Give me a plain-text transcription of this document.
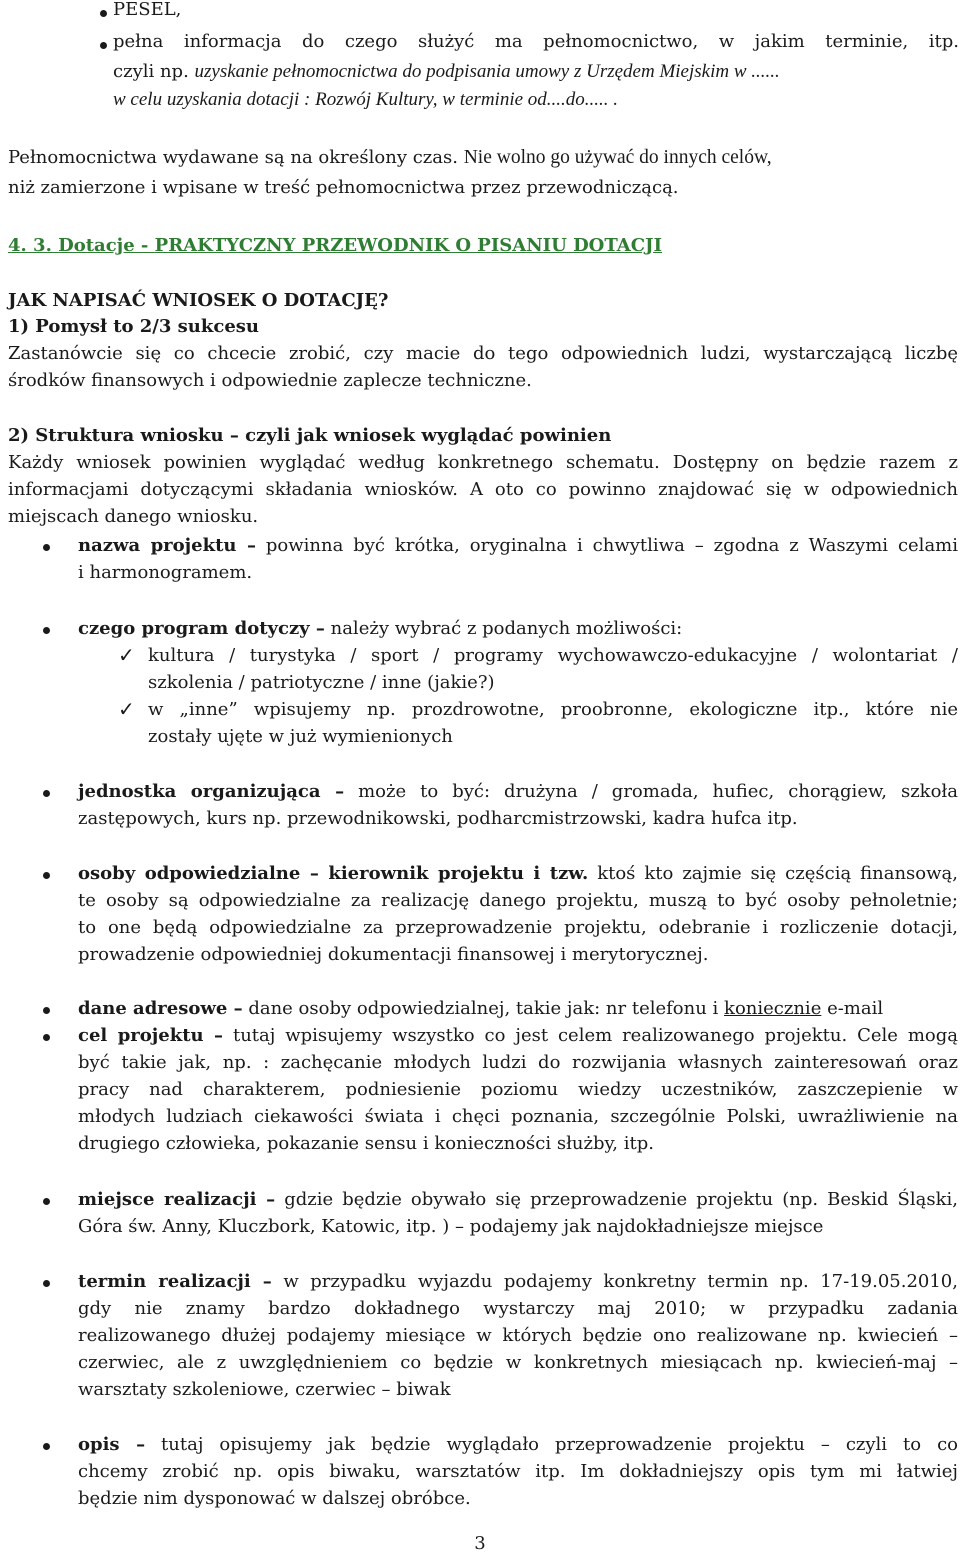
PESEL,
pełna informacja do czego służyć ma pełnomocnictwo, w jakim terminie, itp.
czyli np. uzyskanie pełnomocnictwa do podpisania umowy z Urzędem Miejskim w ......
w celu uzyskania dotacji : Rozwój Kultury, w terminie od....do..... .
Pełnomocnictwa wydawane są na określony czas. Nie wolno go używać do innych celów,
niż zamierzone i wpisane w treść pełnomocnictwa przez przewodniczącą.
4. 3. Dotacje - PRAKTYCZNY PRZEWODNIK O PISANIU DOTACJI
JAK NAPISAĆ WNIOSEK O DOTACJĘ?
1) Pomysł to 2/3 sukcesu
Zastanówcie się co chcecie zrobić, czy macie do tego odpowiednich ludzi, wystarczającą liczbę
środków finansowych i odpowiednie zaplecze techniczne.
2) Struktura wniosku – czyli jak wniosek wyglądać powinien
Każdy wniosek powinien wyglądać według konkretnego schematu. Dostępny on będzie razem z
informacjami dotyczącymi składania wniosków. A oto co powinno znajdować się w odpowiednich
miejscach danego wniosku.
nazwa projektu – powinna być krótka, oryginalna i chwytliwa – zgodna z Waszymi celami
i harmonogramem.
czego program dotyczy – należy wybrać z podanych możliwości:
✓ kultura / turystyka / sport / programy wychowawczo-edukacyjne / wolontariat /
szkolenia / patriotyczne / inne (jakie?)
✓ w „inne” wpisujemy np. prozdrowotne, proobronne, ekologiczne itp., które nie
zostały ujęte w już wymienionych
jednostka organizująca – może to być: drużyna / gromada, hufiec, chorągiew, szkoła
zastępowych, kurs np. przewodnikowski, podharcmistrzowski, kadra hufca itp.
osoby odpowiedzialne – kierownik projektu i tzw. ktoś kto zajmie się częścią finansową,
te osoby są odpowiedzialne za realizację danego projektu, muszą to być osoby pełnoletnie;
to one będą odpowiedzialne za przeprowadzenie projektu, odebranie i rozliczenie dotacji,
prowadzenie odpowiedniej dokumentacji finansowej i merytorycznej.
dane adresowe – dane osoby odpowiedzialnej, takie jak: nr telefonu i koniecznie e-mail
cel projektu – tutaj wpisujemy wszystko co jest celem realizowanego projektu. Cele mogą
być takie jak, np. : zachęcanie młodych ludzi do rozwijania własnych zainteresowań oraz
pracy nad charakterem, podniesienie poziomu wiedzy uczestników, zaszczepienie w
młodych ludziach ciekawości świata i chęci poznania, szczególnie Polski, uwrażliwienie na
drugiego człowieka, pokazanie sensu i konieczności służby, itp.
miejsce realizacji – gdzie będzie obywało się przeprowadzenie projektu (np. Beskid Śląski,
Góra św. Anny, Kluczbork, Katowic, itp. ) – podajemy jak najdokładniejsze miejsce
termin realizacji – w przypadku wyjazdu podajemy konkretny termin np. 17-19.05.2010,
gdy nie znamy bardzo dokładnego wystarczy maj 2010; w przypadku zadania
realizowanego dłużej podajemy miesiące w których będzie ono realizowane np. kwiecień –
czerwiec, ale z uwzględnieniem co będzie w konkretnych miesiącach np. kwiecień-maj –
warsztaty szkoleniowe, czerwiec – biwak
opis – tutaj opisujemy jak będzie wyglądało przeprowadzenie projektu – czyli to co
chcemy zrobić np. opis biwaku, warsztatów itp. Im dokładniejszy opis tym mi łatwiej
będzie nim dysponować w dalszej obróbce.
3
